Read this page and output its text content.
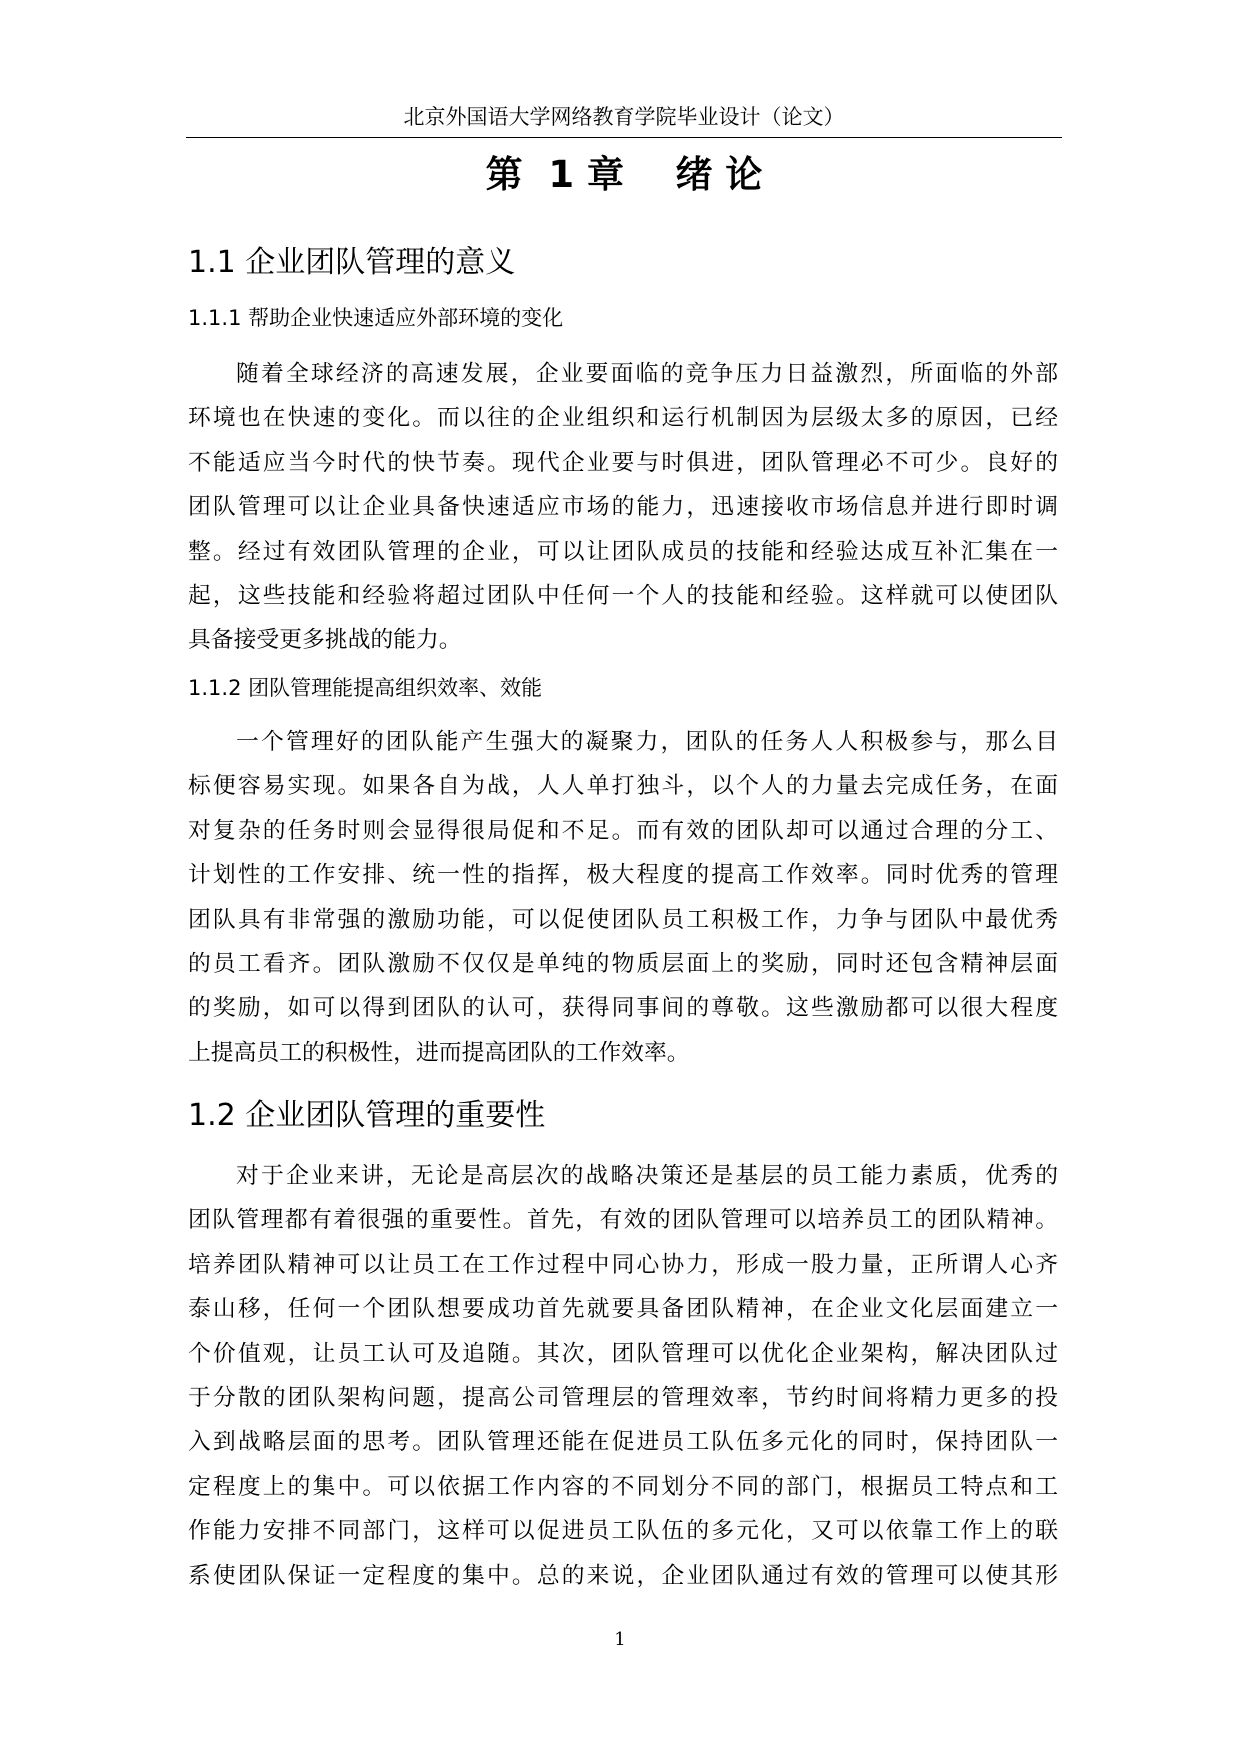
北京外国语大学网络教育学院毕业设计（论文）
第  1 章    绪 论
1.1 企业团队管理的意义
1.1.1 帮助企业快速适应外部环境的变化
随着全球经济的高速发展，企业要面临的竞争压力日益激烈，所面临的外部
环境也在快速的变化。而以往的企业组织和运行机制因为层级太多的原因，已经
不能适应当今时代的快节奏。现代企业要与时俱进，团队管理必不可少。良好的
团队管理可以让企业具备快速适应市场的能力，迅速接收市场信息并进行即时调
整。经过有效团队管理的企业，可以让团队成员的技能和经验达成互补汇集在一
起，这些技能和经验将超过团队中任何一个人的技能和经验。这样就可以使团队
具备接受更多挑战的能力。
1.1.2 团队管理能提高组织效率、效能
一个管理好的团队能产生强大的凝聚力，团队的任务人人积极参与，那么目
标便容易实现。如果各自为战，人人单打独斗，以个人的力量去完成任务，在面
对复杂的任务时则会显得很局促和不足。而有效的团队却可以通过合理的分工、
计划性的工作安排、统一性的指挥，极大程度的提高工作效率。同时优秀的管理
团队具有非常强的激励功能，可以促使团队员工积极工作，力争与团队中最优秀
的员工看齐。团队激励不仅仅是单纯的物质层面上的奖励，同时还包含精神层面
的奖励，如可以得到团队的认可，获得同事间的尊敬。这些激励都可以很大程度
上提高员工的积极性，进而提高团队的工作效率。
1.2 企业团队管理的重要性
对于企业来讲，无论是高层次的战略决策还是基层的员工能力素质，优秀的
团队管理都有着很强的重要性。首先，有效的团队管理可以培养员工的团队精神。
培养团队精神可以让员工在工作过程中同心协力，形成一股力量，正所谓人心齐
泰山移，任何一个团队想要成功首先就要具备团队精神，在企业文化层面建立一
个价值观，让员工认可及追随。其次，团队管理可以优化企业架构，解决团队过
于分散的团队架构问题，提高公司管理层的管理效率，节约时间将精力更多的投
入到战略层面的思考。团队管理还能在促进员工队伍多元化的同时，保持团队一
定程度上的集中。可以依据工作内容的不同划分不同的部门，根据员工特点和工
作能力安排不同部门，这样可以促进员工队伍的多元化，又可以依靠工作上的联
系使团队保证一定程度的集中。总的来说，企业团队通过有效的管理可以使其形
1
